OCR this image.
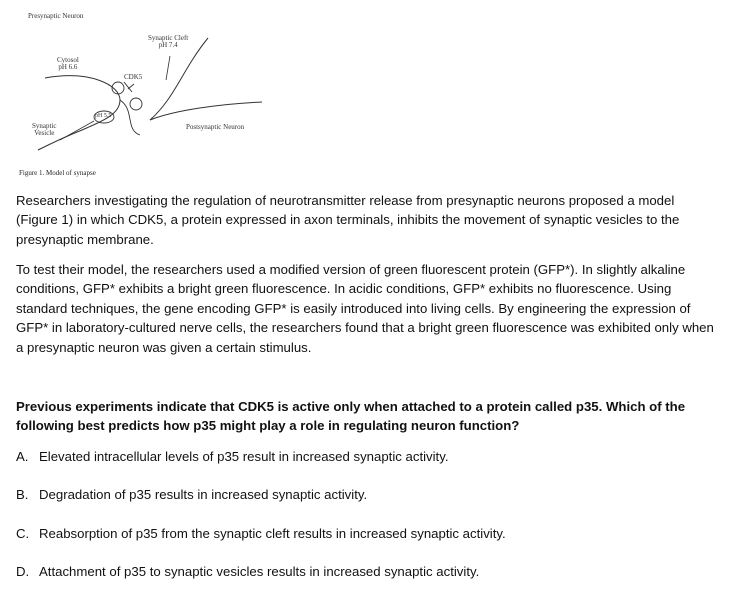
Presynaptic Neuron
Synaptic Cleft
pH 7.4
Cytosol
pH 6.6
CDK5
pH 5.5
Synaptic
Vesicle
Postsynaptic Neuron
Figure 1. Model of synapse

Researchers investigating the regulation of neurotransmitter release from presynaptic neurons proposed a model (Figure 1) in which CDK5, a protein expressed in axon terminals, inhibits the movement of synaptic vesicles to the presynaptic membrane.

To test their model, the researchers used a modified version of green fluorescent protein (GFP*). In slightly alkaline conditions, GFP* exhibits a bright green fluorescence. In acidic conditions, GFP* exhibits no fluorescence. Using standard techniques, the gene encoding GFP* is easily introduced into living cells. By engineering the expression of GFP* in laboratory-cultured nerve cells, the researchers found that a bright green fluorescence was exhibited only when a presynaptic neuron was given a certain stimulus.

Previous experiments indicate that CDK5 is active only when attached to a protein called p35. Which of the following best predicts how p35 might play a role in regulating neuron function?

A. Elevated intracellular levels of p35 result in increased synaptic activity.
B. Degradation of p35 results in increased synaptic activity.
C. Reabsorption of p35 from the synaptic cleft results in increased synaptic activity.
D. Attachment of p35 to synaptic vesicles results in increased synaptic activity.
